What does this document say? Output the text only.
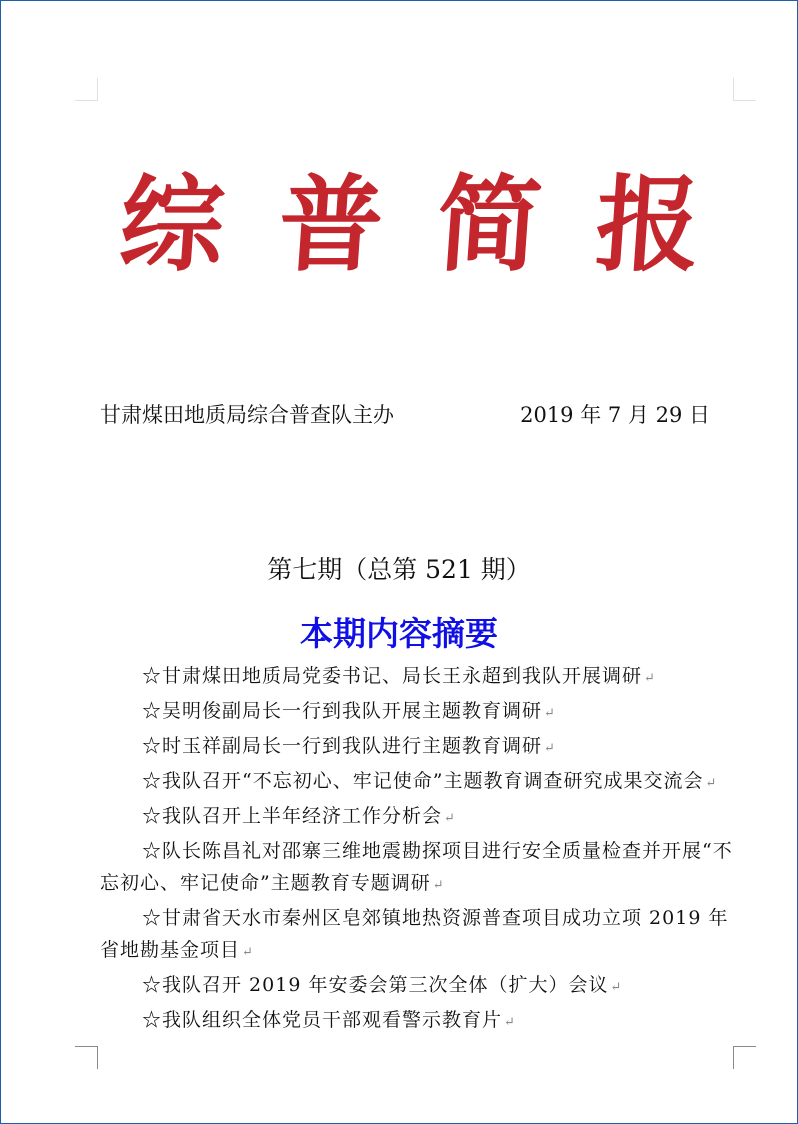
综 普 简 报
甘肃煤田地质局综合普查队主办	2019 年 7 月 29 日
第七期（总第 521 期）
本期内容摘要
☆甘肃煤田地质局党委书记、局长王永超到我队开展调研 ↵
☆吴明俊副局长一行到我队开展主题教育调研 ↵
☆时玉祥副局长一行到我队进行主题教育调研 ↵
☆我队召开“不忘初心、牢记使命”主题教育调查研究成果交流会 ↵
☆我队召开上半年经济工作分析会 ↵
☆队长陈昌礼对邵寨三维地震勘探项目进行安全质量检查并开展“不忘初心、牢记使命”主题教育专题调研 ↵
☆甘肃省天水市秦州区皂郊镇地热资源普查项目成功立项 2019 年省地勘基金项目 ↵
☆我队召开 2019 年安委会第三次全体（扩大）会议 ↵
☆我队组织全体党员干部观看警示教育片 ↵
